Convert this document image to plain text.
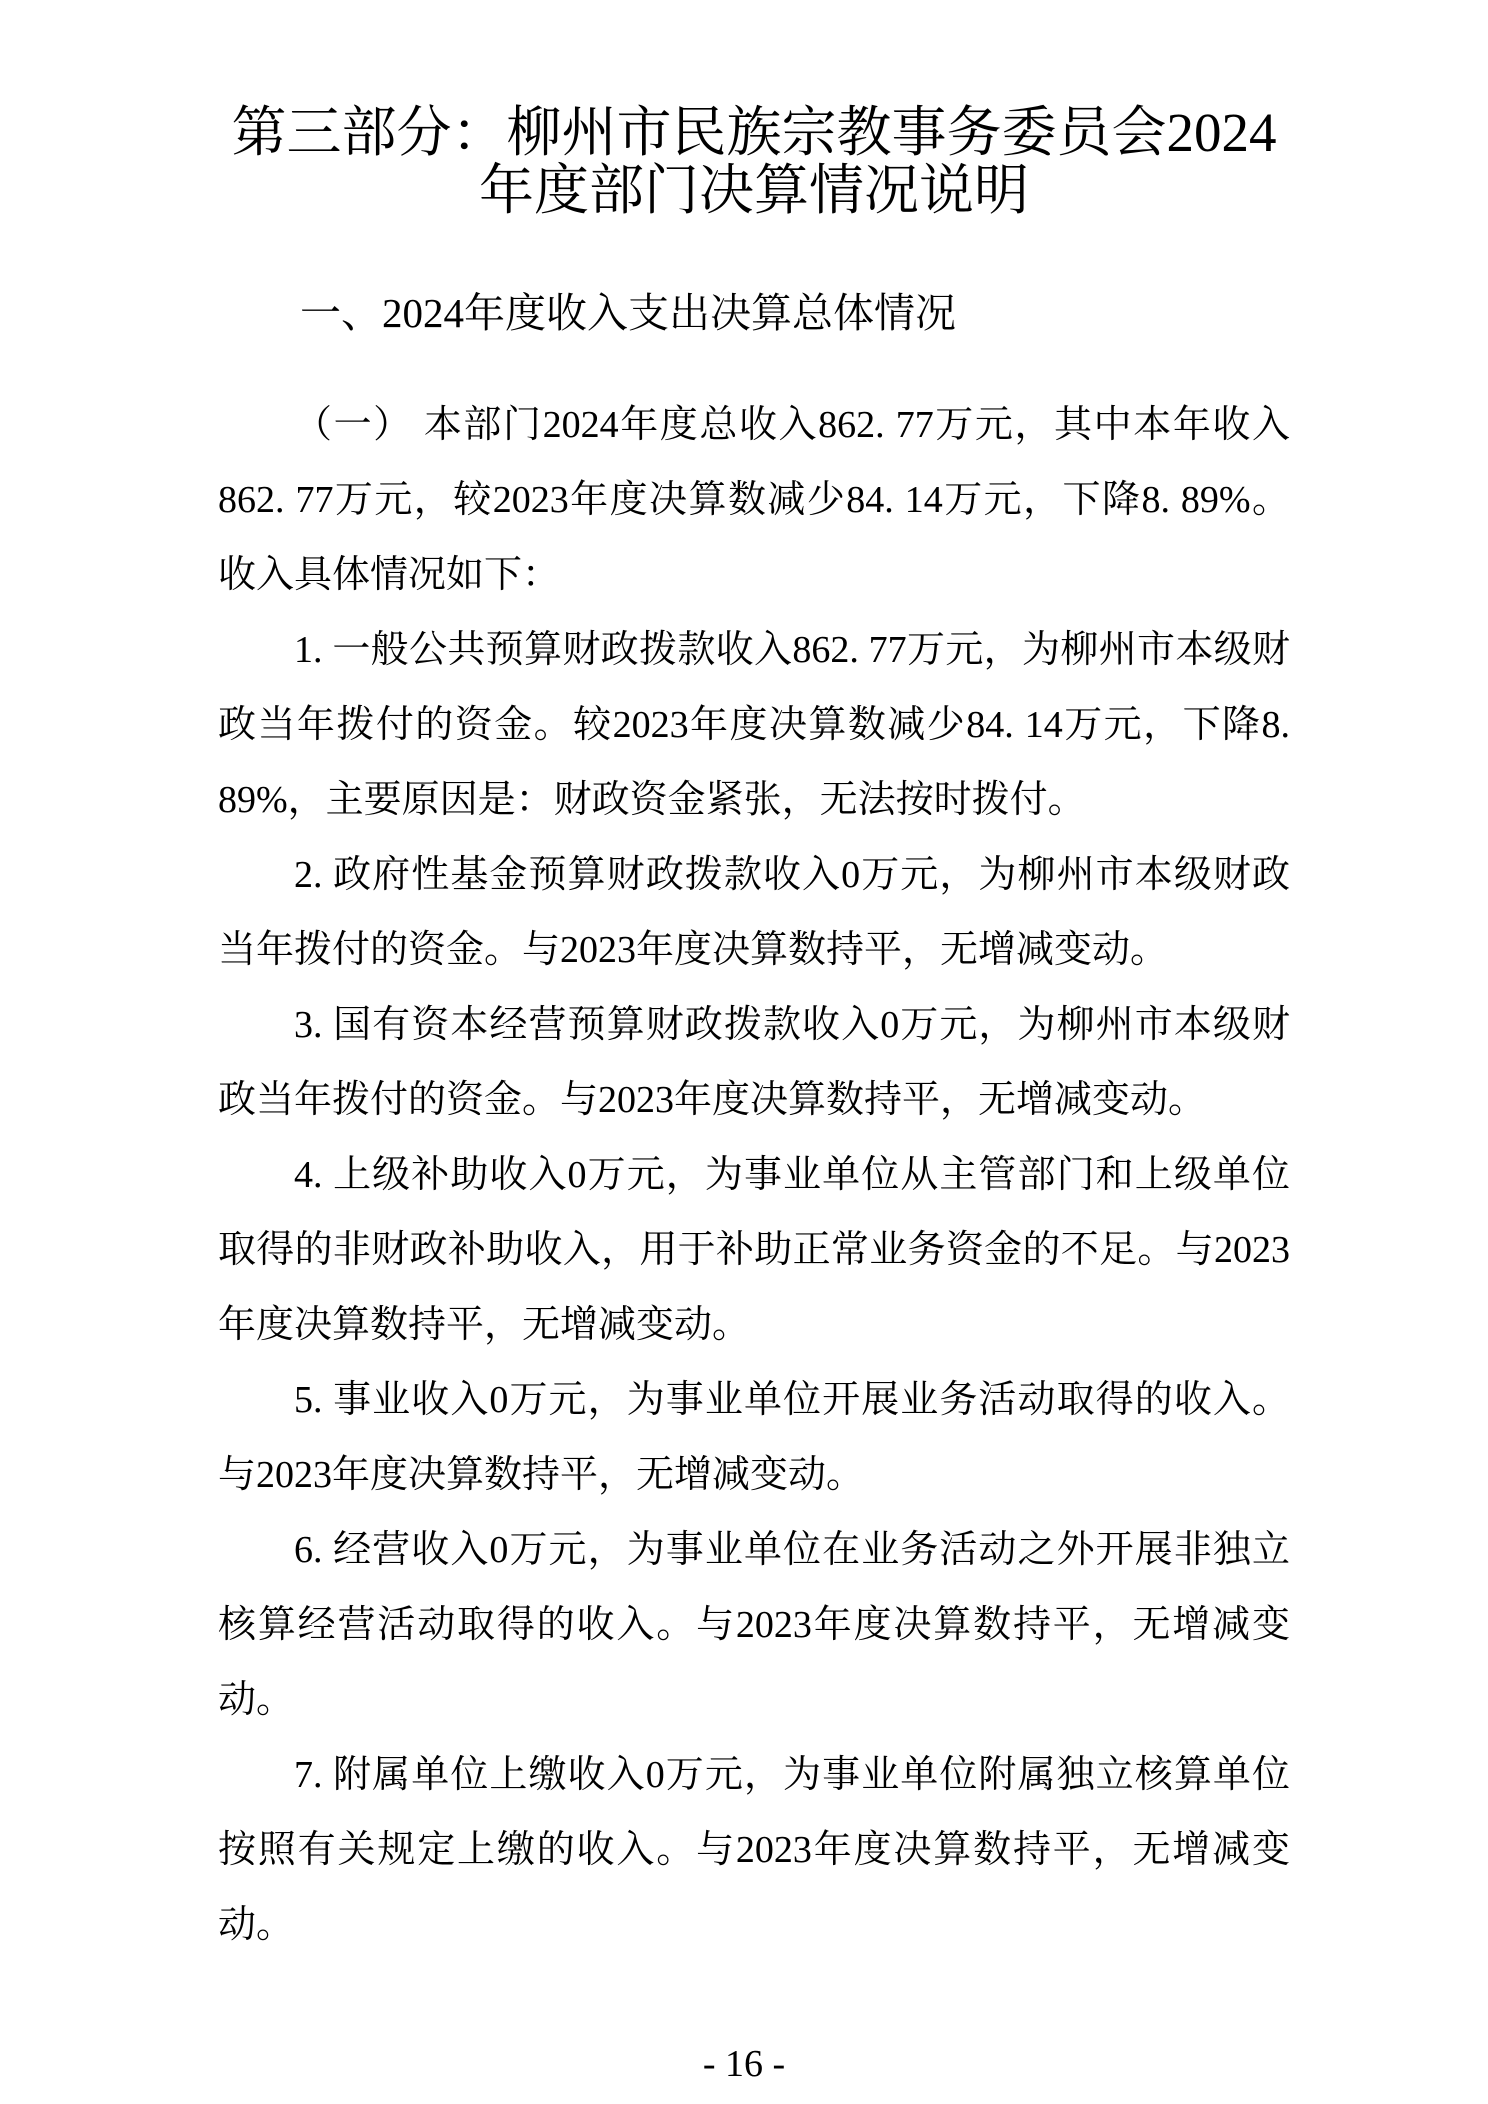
第三部分：柳州市民族宗教事务委员会2024年度部门决算情况说明
一、2024年度收入支出决算总体情况

（一） 本部门2024年度总收入862. 77万元，其中本年收入862. 77万元，较2023年度决算数减少84. 14万元，下降8. 89%。收入具体情况如下：

1. 一般公共预算财政拨款收入862. 77万元，为柳州市本级财政当年拨付的资金。较2023年度决算数减少84. 14万元，下降8. 89%，主要原因是：财政资金紧张，无法按时拨付。

2. 政府性基金预算财政拨款收入0万元，为柳州市本级财政当年拨付的资金。与2023年度决算数持平，无增减变动。

3. 国有资本经营预算财政拨款收入0万元，为柳州市本级财政当年拨付的资金。与2023年度决算数持平，无增减变动。

4. 上级补助收入0万元，为事业单位从主管部门和上级单位取得的非财政补助收入，用于补助正常业务资金的不足。与2023年度决算数持平，无增减变动。

5. 事业收入0万元，为事业单位开展业务活动取得的收入。与2023年度决算数持平，无增减变动。

6. 经营收入0万元，为事业单位在业务活动之外开展非独立核算经营活动取得的收入。与2023年度决算数持平，无增减变动。

7. 附属单位上缴收入0万元，为事业单位附属独立核算单位按照有关规定上缴的收入。与2023年度决算数持平，无增减变动。

- 16 -
